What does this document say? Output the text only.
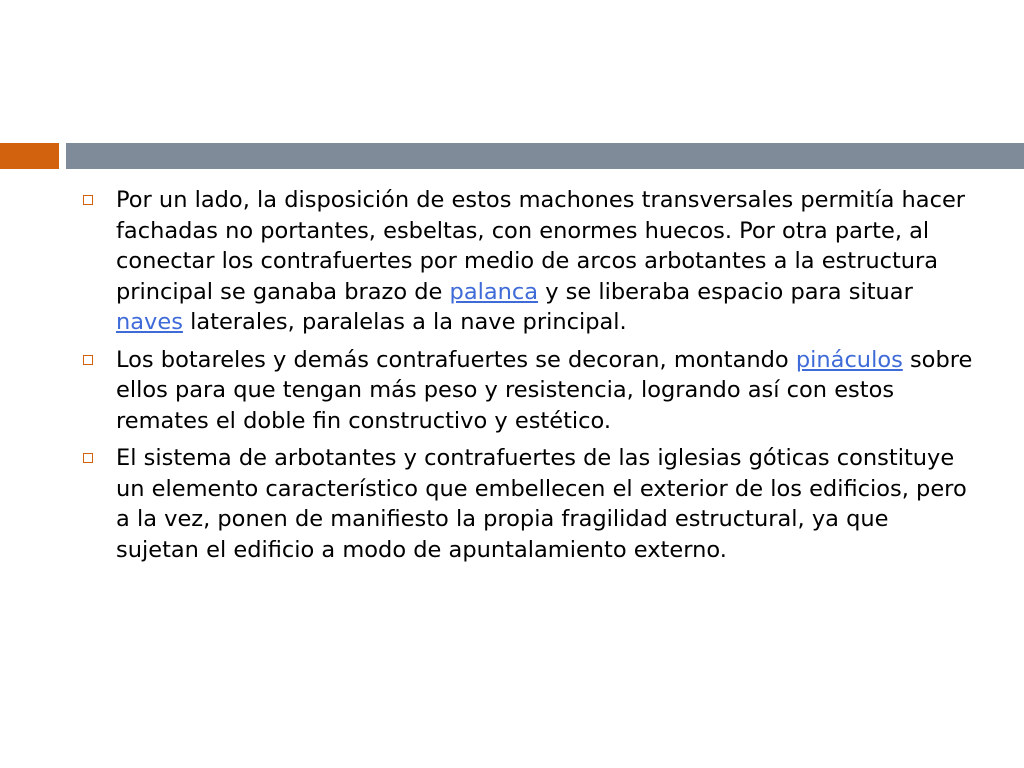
Por un lado, la disposición de estos machones transversales permitía hacer fachadas no portantes, esbeltas, con enormes huecos. Por otra parte, al conectar los contrafuertes por medio de arcos arbotantes a la estructura principal se ganaba brazo de palanca y se liberaba espacio para situar naves laterales, paralelas a la nave principal.
Los botareles y demás contrafuertes se decoran, montando pináculos sobre ellos para que tengan más peso y resistencia, logrando así con estos remates el doble fin constructivo y estético.
El sistema de arbotantes y contrafuertes de las iglesias góticas constituye un elemento característico que embellecen el exterior de los edificios, pero a la vez, ponen de manifiesto la propia fragilidad estructural, ya que sujetan el edificio a modo de apuntalamiento externo.
